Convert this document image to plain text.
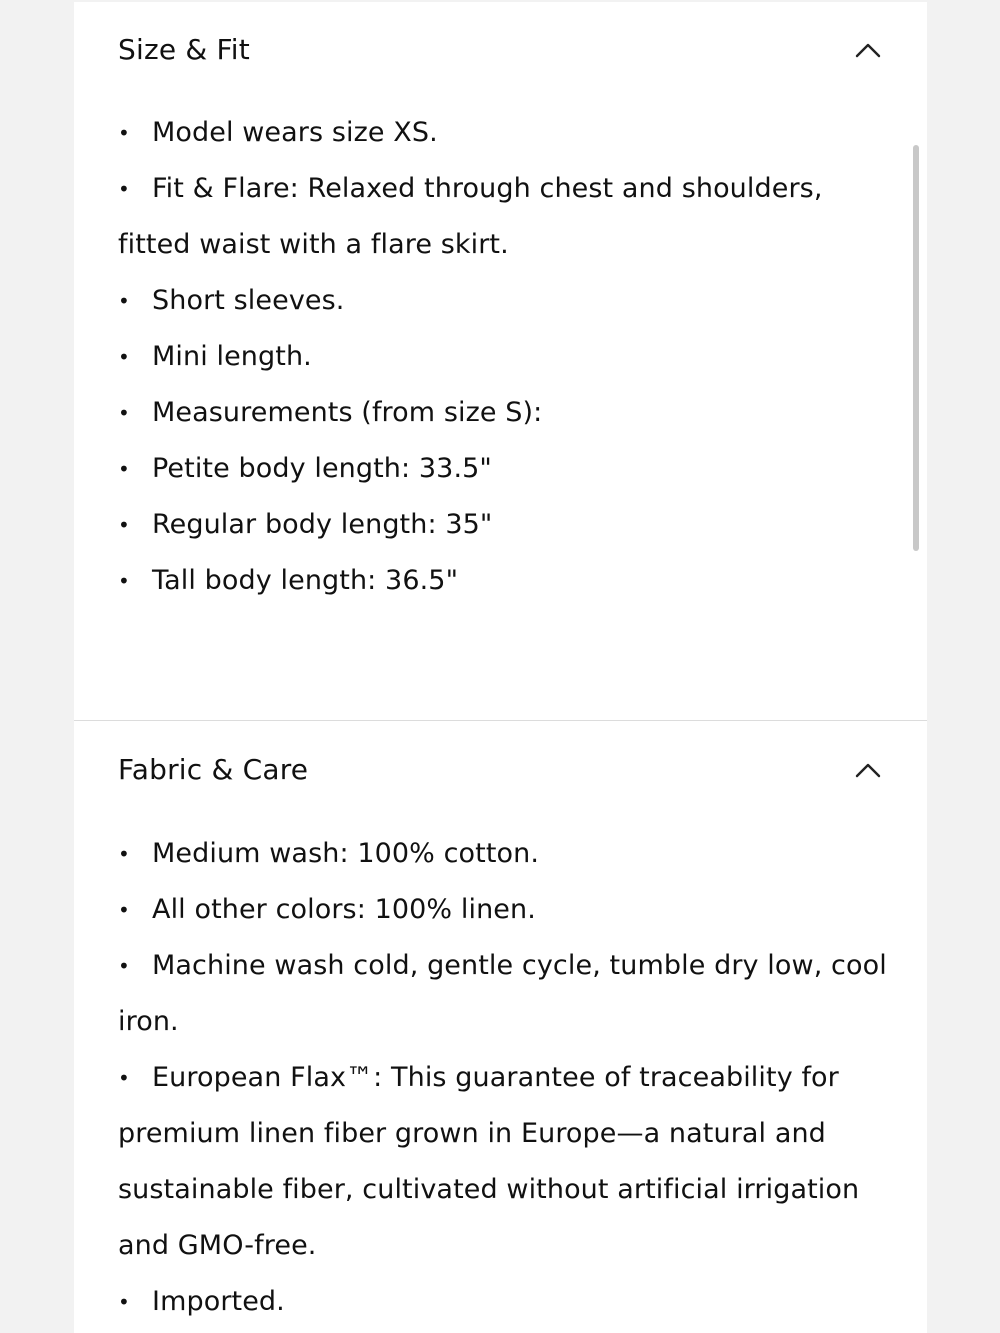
Size & Fit
• Model wears size XS.
• Fit & Flare: Relaxed through chest and shoulders, fitted waist with a flare skirt.
• Short sleeves.
• Mini length.
• Measurements (from size S):
• Petite body length: 33.5"
• Regular body length: 35"
• Tall body length: 36.5"
Fabric & Care
• Medium wash: 100% cotton.
• All other colors: 100% linen.
• Machine wash cold, gentle cycle, tumble dry low, cool iron.
• European Flax™: This guarantee of traceability for premium linen fiber grown in Europe—a natural and sustainable fiber, cultivated without artificial irrigation and GMO-free.
• Imported.
